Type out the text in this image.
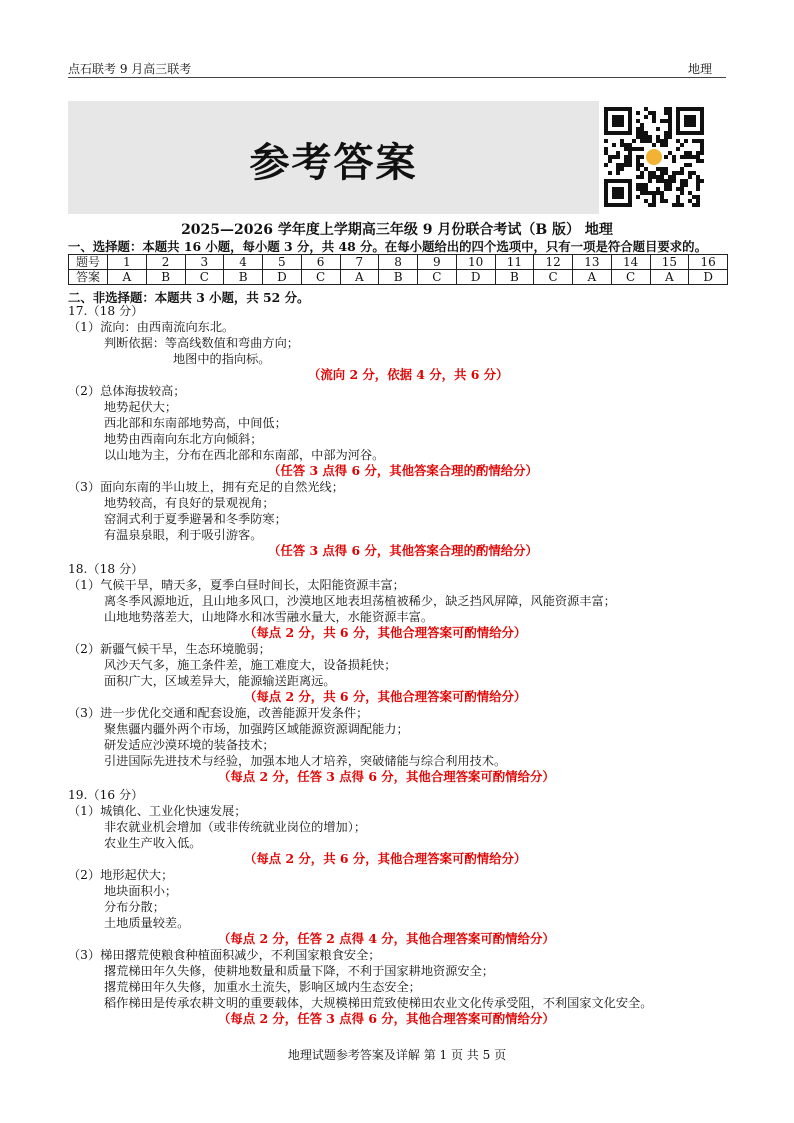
点石联考 9 月高三联考	地理
参考答案
2025—2026 学年度上学期高三年级 9 月份联合考试（B 版） 地理
一、选择题：本题共 16 小题，每小题 3 分，共 48 分。在每小题给出的四个选项中，只有一项是符合题目要求的。
题号	1	2	3	4	5	6	7	8	9	10	11	12	13	14	15	16
答案	A	B	C	B	D	C	A	B	C	D	B	C	A	C	A	D
二、非选择题：本题共 3 小题，共 52 分。
17.（18 分）
（1）流向：由西南流向东北。
判断依据：等高线数值和弯曲方向；
地图中的指向标。
（流向 2 分，依据 4 分，共 6 分）
（2）总体海拔较高；
地势起伏大；
西北部和东南部地势高，中间低；
地势由西南向东北方向倾斜；
以山地为主，分布在西北部和东南部，中部为河谷。
（任答 3 点得 6 分，其他答案合理的酌情给分）
（3）面向东南的半山坡上，拥有充足的自然光线；
地势较高，有良好的景观视角；
窑洞式利于夏季避暑和冬季防寒；
有温泉泉眼，利于吸引游客。
（任答 3 点得 6 分，其他答案合理的酌情给分）
18.（18 分）
（1）气候干旱，晴天多，夏季白昼时间长，太阳能资源丰富；
离冬季风源地近，且山地多风口，沙漠地区地表坦荡植被稀少，缺乏挡风屏障，风能资源丰富；
山地地势落差大，山地降水和冰雪融水量大，水能资源丰富。
（每点 2 分，共 6 分，其他合理答案可酌情给分）
（2）新疆气候干旱，生态环境脆弱；
风沙天气多，施工条件差，施工难度大，设备损耗快；
面积广大，区域差异大，能源输送距离远。
（每点 2 分，共 6 分，其他合理答案可酌情给分）
（3）进一步优化交通和配套设施，改善能源开发条件；
聚焦疆内疆外两个市场，加强跨区域能源资源调配能力；
研发适应沙漠环境的装备技术；
引进国际先进技术与经验，加强本地人才培养，突破储能与综合利用技术。
（每点 2 分，任答 3 点得 6 分，其他合理答案可酌情给分）
19.（16 分）
（1）城镇化、工业化快速发展；
非农就业机会增加（或非传统就业岗位的增加）；
农业生产收入低。
（每点 2 分，共 6 分，其他合理答案可酌情给分）
（2）地形起伏大；
地块面积小；
分布分散；
土地质量较差。
（每点 2 分，任答 2 点得 4 分，其他合理答案可酌情给分）
（3）梯田撂荒使粮食种植面积减少，不利国家粮食安全；
撂荒梯田年久失修，使耕地数量和质量下降，不利于国家耕地资源安全；
撂荒梯田年久失修，加重水土流失，影响区域内生态安全；
稻作梯田是传承农耕文明的重要载体，大规模梯田荒致使梯田农业文化传承受阻，不利国家文化安全。
（每点 2 分，任答 3 点得 6 分，其他合理答案可酌情给分）
地理试题参考答案及详解 第 1 页 共 5 页
